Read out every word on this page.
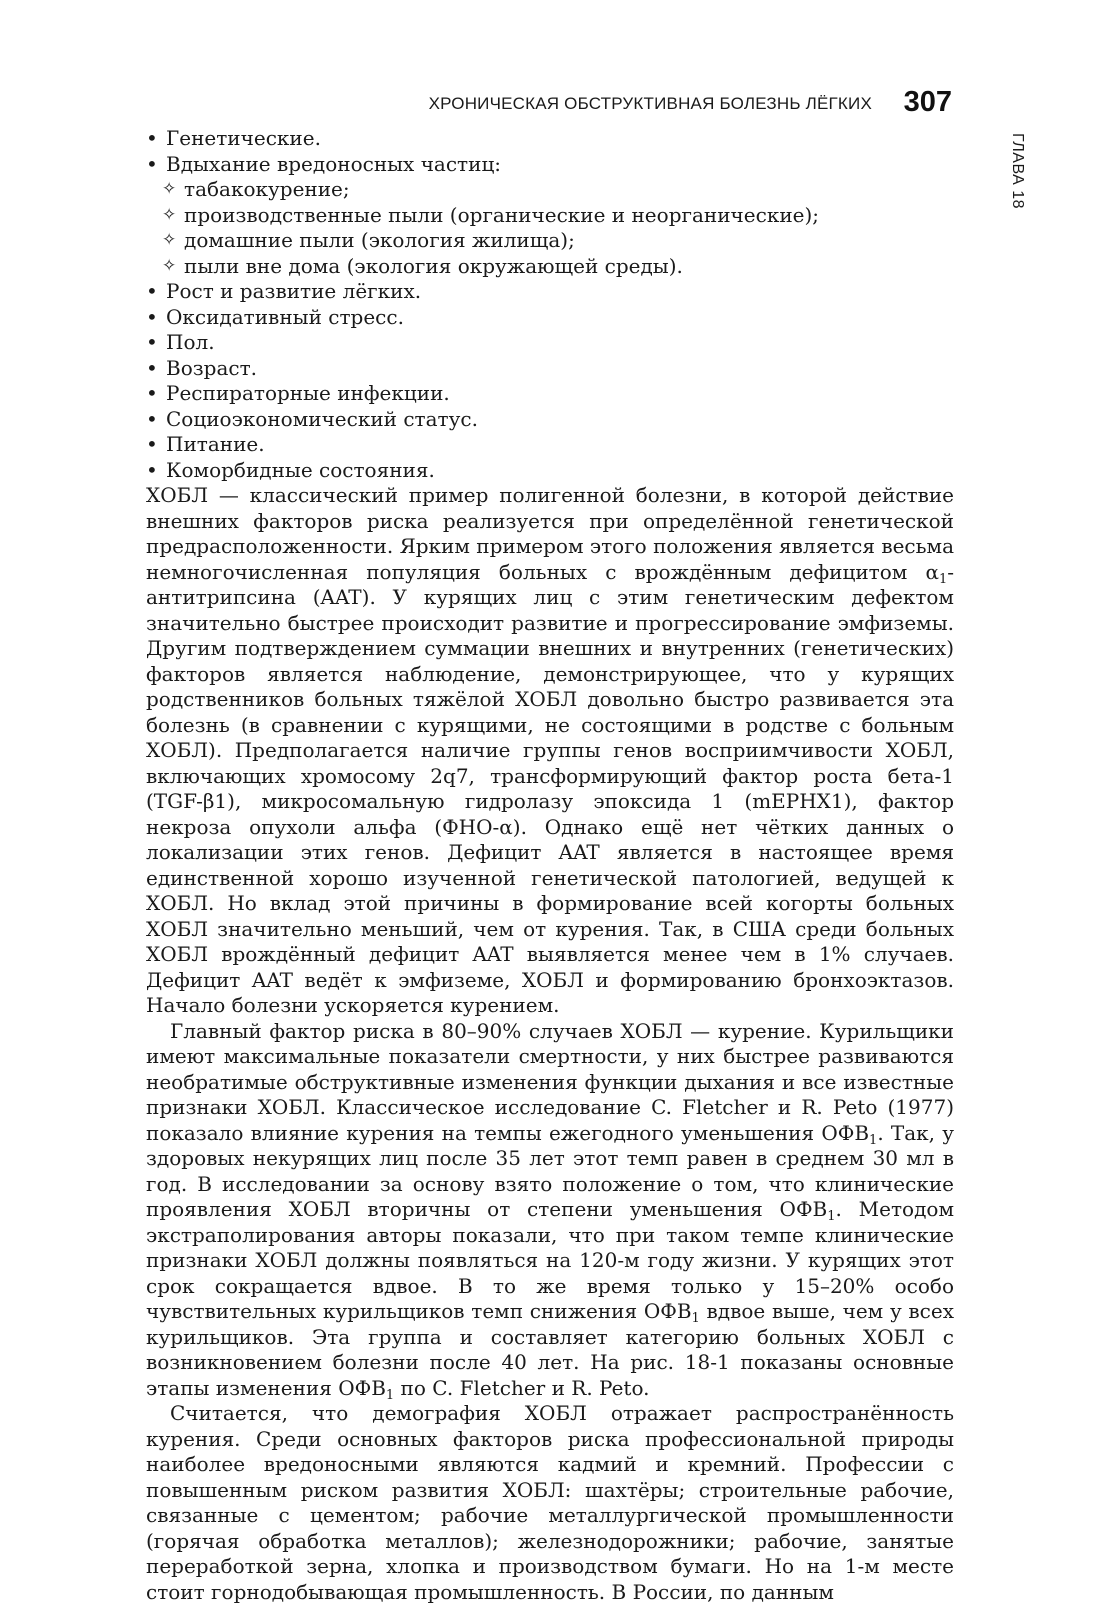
ХРОНИЧЕСКАЯ ОБСТРУКТИВНАЯ БОЛЕЗНЬ ЛЁГКИХ 307
ГЛАВА 18
• Генетические.
• Вдыхание вредоносных частиц:
✧ табакокурение;
✧ производственные пыли (органические и неорганические);
✧ домашние пыли (экология жилища);
✧ пыли вне дома (экология окружающей среды).
• Рост и развитие лёгких.
• Оксидативный стресс.
• Пол.
• Возраст.
• Респираторные инфекции.
• Социоэкономический статус.
• Питание.
• Коморбидные состояния.

ХОБЛ — классический пример полигенной болезни, в которой действие внешних факторов риска реализуется при определённой генетической предрасположенности. Ярким примером этого положения является весьма немногочисленная популяция больных с врождённым дефицитом $\alpha_1$-антитрипсина (AAT). У курящих лиц с этим генетическим дефектом значительно быстрее происходит развитие и прогрессирование эмфиземы. Другим подтверждением суммации внешних и внутренних (генетических) факторов является наблюдение, демонстрирующее, что у курящих родственников больных тяжёлой ХОБЛ довольно быстро развивается эта болезнь (в сравнении с курящими, не состоящими в родстве с больным ХОБЛ). Предполагается наличие группы генов восприимчивости ХОБЛ, включающих хромосому 2q7, трансформирующий фактор роста бета-1 (TGF-β1), микросомальную гидролазу эпоксида 1 (mEPHX1), фактор некроза опухоли альфа (ФНО-α). Однако ещё нет чётких данных о локализации этих генов. Дефицит AAT является в настоящее время единственной хорошо изученной генетической патологией, ведущей к ХОБЛ. Но вклад этой причины в формирование всей когорты больных ХОБЛ значительно меньший, чем от курения. Так, в США среди больных ХОБЛ врождённый дефицит AAT выявляется менее чем в 1% случаев. Дефицит AAT ведёт к эмфиземе, ХОБЛ и формированию бронхоэктазов. Начало болезни ускоряется курением.

Главный фактор риска в 80–90% случаев ХОБЛ — курение. Курильщики имеют максимальные показатели смертности, у них быстрее развиваются необратимые обструктивные изменения функции дыхания и все известные признаки ХОБЛ. Классическое исследование C. Fletcher и R. Peto (1977) показало влияние курения на темпы ежегодного уменьшения $ОФВ_1$. Так, у здоровых некурящих лиц после 35 лет этот темп равен в среднем 30 мл в год. В исследовании за основу взято положение о том, что клинические проявления ХОБЛ вторичны от степени уменьшения $ОФВ_1$. Методом экстраполирования авторы показали, что при таком темпе клинические признаки ХОБЛ должны появляться на 120-м году жизни. У курящих этот срок сокращается вдвое. В то же время только у 15–20% особо чувствительных курильщиков темп снижения $ОФВ_1$ вдвое выше, чем у всех курильщиков. Эта группа и составляет категорию больных ХОБЛ с возникновением болезни после 40 лет. На рис. 18-1 показаны основные этапы изменения $ОФВ_1$ по C. Fletcher и R. Peto.

Считается, что демография ХОБЛ отражает распространённость курения. Среди основных факторов риска профессиональной природы наиболее вредоносными являются кадмий и кремний. Профессии с повышенным риском развития ХОБЛ: шахтёры; строительные рабочие, связанные с цементом; рабочие металлургической промышленности (горячая обработка металлов); железнодорожники; рабочие, занятые переработкой зерна, хлопка и производством бумаги. Но на 1-м месте стоит горнодобывающая промышленность. В России, по данным
